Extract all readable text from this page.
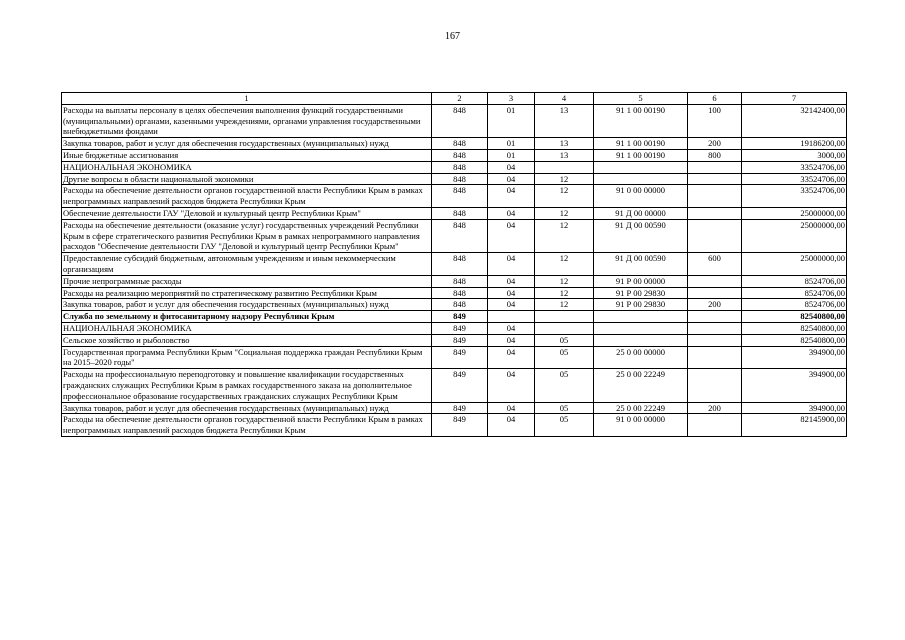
167
1	2	3	4	5	6	7
Расходы на выплаты персоналу в целях обеспечения выполнения функций государственными (муниципальными) органами, казенными учреждениями, органами управления государственными внебюджетными фондами	848	01	13	91 1 00 00190	100	32142400,00
Закупка товаров, работ и услуг для обеспечения государственных (муниципальных) нужд	848	01	13	91 1 00 00190	200	19186200,00
Иные бюджетные ассигнования	848	01	13	91 1 00 00190	800	3000,00
НАЦИОНАЛЬНАЯ ЭКОНОМИКА	848	04				33524706,00
Другие вопросы в области национальной экономики	848	04	12			33524706,00
Расходы на обеспечение деятельности органов государственной власти Республики Крым в рамках непрограммных направлений расходов бюджета Республики Крым	848	04	12	91 0 00 00000		33524706,00
Обеспечение деятельности ГАУ "Деловой и культурный центр Республики Крым"	848	04	12	91 Д 00 00000		25000000,00
Расходы на обеспечение деятельности (оказание услуг) государственных учреждений Республики Крым в сфере стратегического развития Республики Крым в рамках непрограммного направления расходов "Обеспечение деятельности ГАУ "Деловой и культурный центр Республики Крым"	848	04	12	91 Д 00 00590		25000000,00
Предоставление субсидий бюджетным, автономным учреждениям и иным некоммерческим организациям	848	04	12	91 Д 00 00590	600	25000000,00
Прочие непрограммные расходы	848	04	12	91 Р 00 00000		8524706,00
Расходы на реализацию мероприятий по стратегическому развитию Республики Крым	848	04	12	91 Р 00 29830		8524706,00
Закупка товаров, работ и услуг для обеспечения государственных (муниципальных) нужд	848	04	12	91 Р 00 29830	200	8524706,00
Служба по земельному и фитосанитарному надзору Республики Крым	849					82540800,00
НАЦИОНАЛЬНАЯ ЭКОНОМИКА	849	04				82540800,00
Сельское хозяйство и рыболовство	849	04	05			82540800,00
Государственная программа Республики Крым "Социальная поддержка граждан Республики Крым на 2015–2020 годы"	849	04	05	25 0 00 00000		394900,00
Расходы на профессиональную переподготовку и повышение квалификации государственных гражданских служащих Республики Крым в рамках государственного заказа на дополнительное профессиональное образование государственных гражданских служащих Республики Крым	849	04	05	25 0 00 22249		394900,00
Закупка товаров, работ и услуг для обеспечения государственных (муниципальных) нужд	849	04	05	25 0 00 22249	200	394900,00
Расходы на обеспечение деятельности органов государственной власти Республики Крым в рамках непрограммных направлений расходов бюджета Республики Крым	849	04	05	91 0 00 00000		82145900,00
